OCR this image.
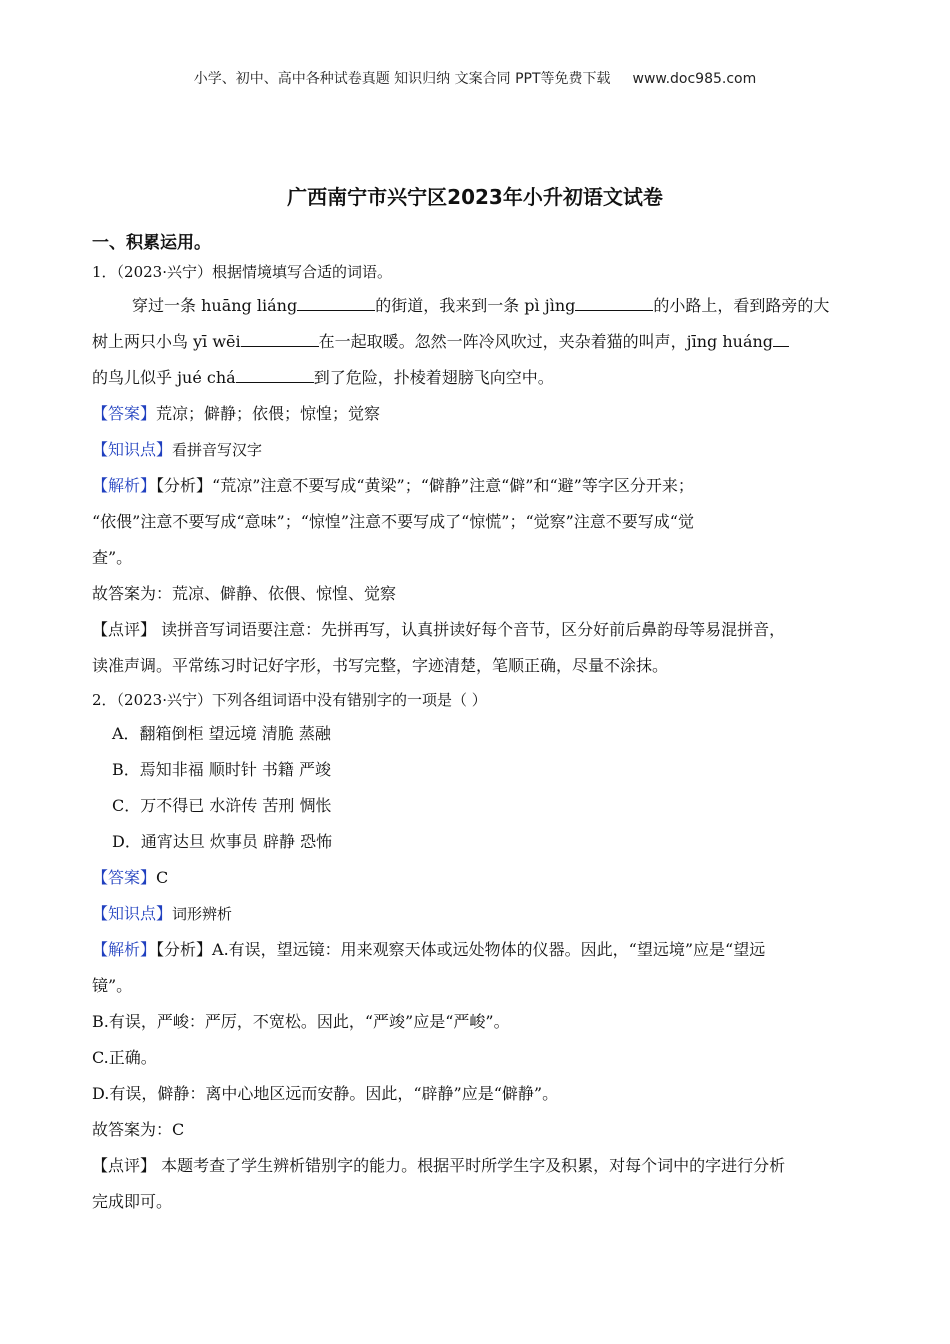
小学、初中、高中各种试卷真题 知识归纳 文案合同 PPT等免费下载 www.doc985.com
广西南宁市兴宁区2023年小升初语文试卷
一、积累运用。
1．（2023·兴宁）根据情境填写合适的词语。
穿过一条 huāng liáng	的街道，我来到一条 pì jìng	的小路上，看到路旁的大
树上两只小鸟 yī wēi	在一起取暖。忽然一阵冷风吹过，夹杂着猫的叫声，jīng huáng
的鸟儿似乎 jué chá	到了危险，扑棱着翅膀飞向空中。
【答案】荒凉；僻静；依偎；惊惶；觉察
【知识点】看拼音写汉字
【解析】【分析】“荒凉”注意不要写成“黄梁”；“僻静”注意“僻”和“避”等字区分开来；
“依偎”注意不要写成“意味”；“惊惶”注意不要写成了“惊慌”；“觉察”注意不要写成“觉
查”。
故答案为：荒凉、僻静、依偎、惊惶、觉察
【点评】 读拼音写词语要注意：先拼再写，认真拼读好每个音节，区分好前后鼻韵母等易混拼音，
读准声调。平常练习时记好字形，书写完整，字迹清楚，笔顺正确，尽量不涂抹。
2．（2023·兴宁）下列各组词语中没有错别字的一项是（ ）
A．翻箱倒柜 望远境 清脆 蒸融
B．焉知非福 顺时针 书籍 严竣
C．万不得已 水浒传 苦刑 惆怅
D．通宵达旦 炊事员 辟静 恐怖
【答案】C
【知识点】词形辨析
【解析】【分析】A.有误，望远镜：用来观察天体或远处物体的仪器。因此，“望远境”应是“望远
镜”。
B.有误，严峻：严厉，不宽松。因此，“严竣”应是“严峻”。
C.正确。
D.有误，僻静：离中心地区远而安静。因此，“辟静”应是“僻静”。
故答案为：C
【点评】 本题考查了学生辨析错别字的能力。根据平时所学生字及积累，对每个词中的字进行分析
完成即可。
